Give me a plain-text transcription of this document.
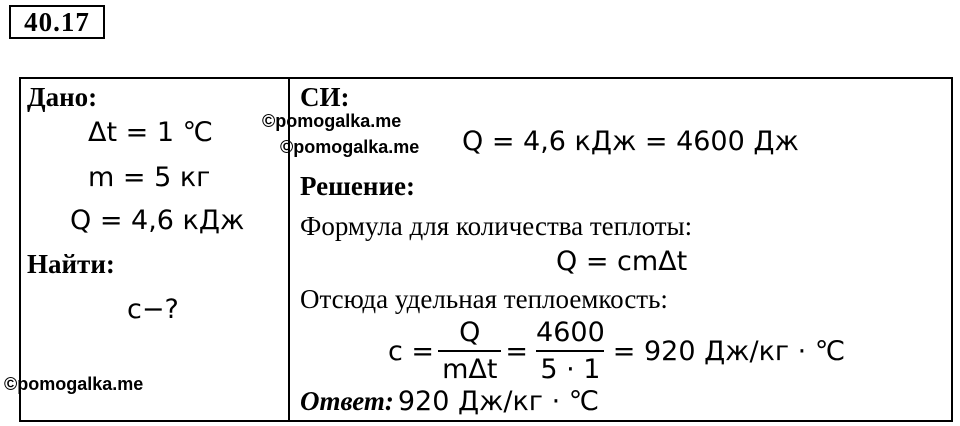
40.17
Дано:
Δt = 1 ℃
m = 5 кг
Q = 4,6 кДж
Найти:
c−?
©pomogalka.me
©pomogalka.me
©pomogalka.me
СИ:
Q = 4,6 кДж = 4600 Дж
Решение:
Формула для количества теплоты:
Q = cmΔt
Отсюда удельная теплоемкость:
$c = \frac{Q}{\text{mΔt}} = \frac{4600}{5 \cdot 1} = 920$ Дж/кг · ℃
Ответ: 920 Дж/кг · ℃
